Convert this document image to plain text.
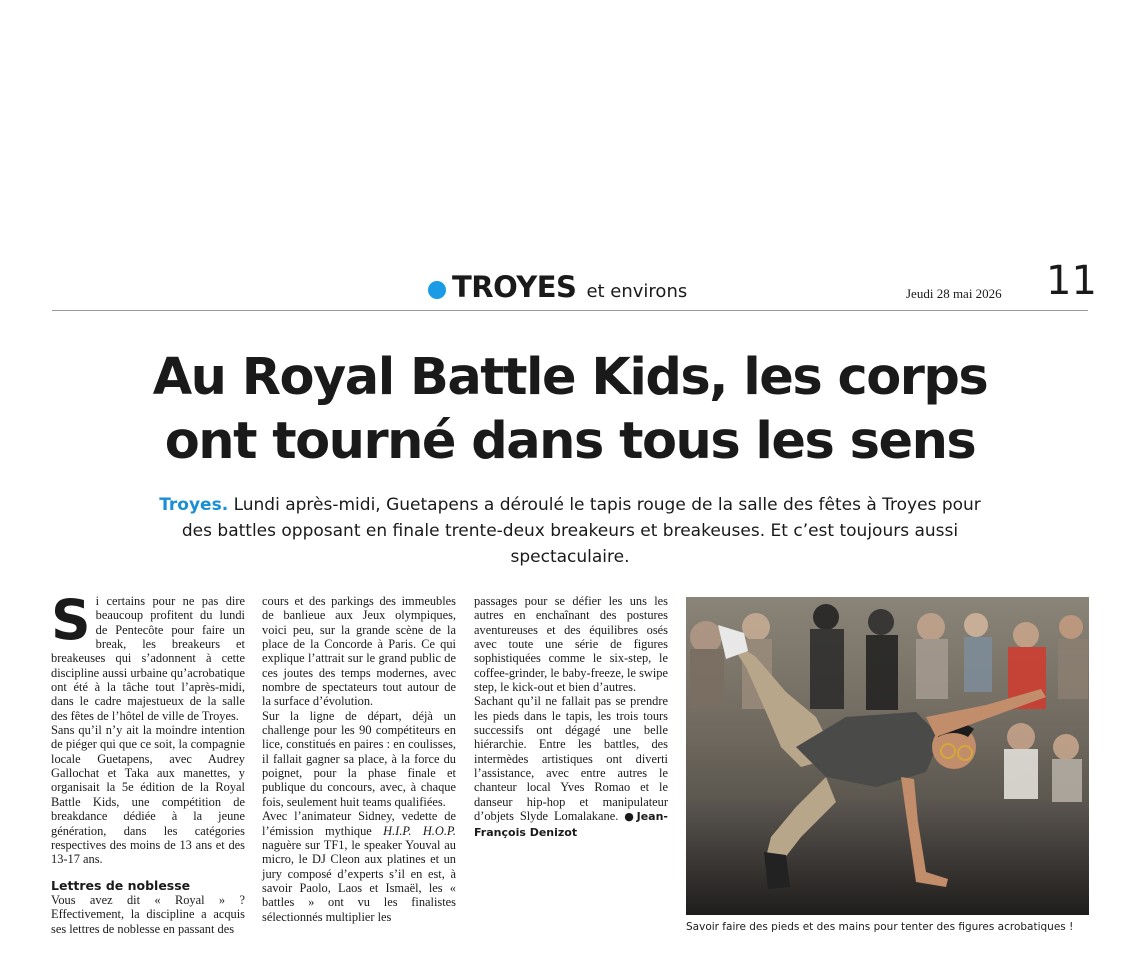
TROYES et environs	Jeudi 28 mai 2026 11
Au Royal Battle Kids, les corps
ont tourné dans tous les sens
Troyes. Lundi après-midi, Guetapens a déroulé le tapis rouge de la salle des fêtes à Troyes pour des battles opposant en finale trente-deux breakeurs et breakeuses. Et c’est toujours aussi spectaculaire.

S i certains pour ne pas dire beaucoup profitent du lundi de Pentecôte pour faire un break, les breakeurs et breakeuses qui s’adonnent à cette discipline aussi urbaine qu’acrobatique ont été à la tâche tout l’après-midi, dans le cadre majestueux de la salle des fêtes de l’hôtel de ville de Troyes.

Sans qu’il n’y ait la moindre intention de piéger qui que ce soit, la compagnie locale Guetapens, avec Audrey Gallochat et Taka aux manettes, y organisait la 5e édition de la Royal Battle Kids, une compétition de breakdance dédiée à la jeune génération, dans les catégories respectives des moins de 13 ans et des 13-17 ans.

Lettres de noblesse

Vous avez dit « Royal » ? Effectivement, la discipline a acquis ses lettres de noblesse en passant des

cours et des parkings des immeubles de banlieue aux Jeux olympiques, voici peu, sur la grande scène de la place de la Concorde à Paris. Ce qui explique l’attrait sur le grand public de ces joutes des temps modernes, avec nombre de spectateurs tout autour de la surface d’évolution.

Sur la ligne de départ, déjà un challenge pour les 90 compétiteurs en lice, constitués en paires : en coulisses, il fallait gagner sa place, à la force du poignet, pour la phase finale et publique du concours, avec, à chaque fois, seulement huit teams qualifiées.

Avec l’animateur Sidney, vedette de l’émission mythique H.I.P. H.O.P. naguère sur TF1, le speaker Youval au micro, le DJ Cleon aux platines et un jury composé d’experts s’il en est, à savoir Paolo, Laos et Ismaël, les « battles » ont vu les finalistes sélectionnés multiplier les

passages pour se défier les uns les autres en enchaînant des postures aventureuses et des équilibres osés avec toute une série de figures sophistiquées comme le six-step, le coffee-grinder, le baby-freeze, le swipe step, le kick-out et bien d’autres.

Sachant qu’il ne fallait pas se prendre les pieds dans le tapis, les trois tours successifs ont dégagé une belle hiérarchie. Entre les battles, des intermèdes artistiques ont diverti l’assistance, avec entre autres le chanteur local Yves Romao et le danseur hip-hop et manipulateur d’objets Slyde Lomalakane. ●Jean-François Denizot

Savoir faire des pieds et des mains pour tenter des figures acrobatiques !
